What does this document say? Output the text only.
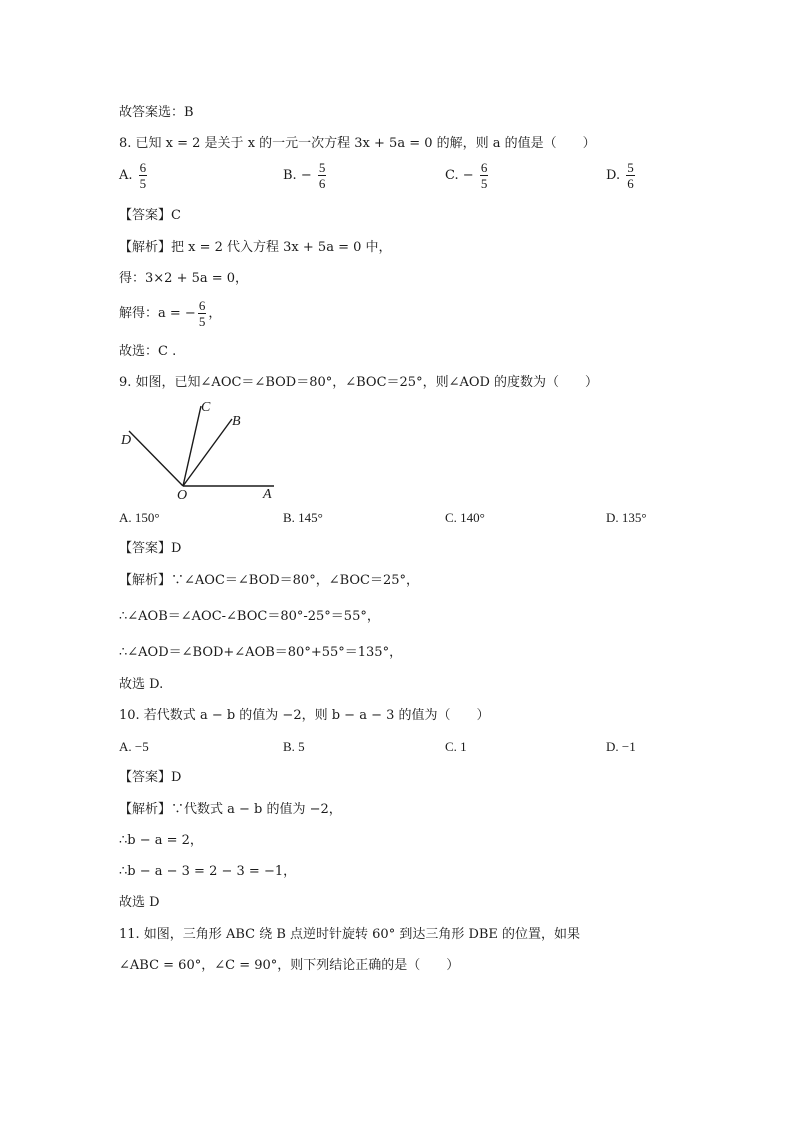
故答案选：B
8. 已知 x = 2 是关于 x 的一元一次方程 3x + 5a = 0 的解，则 a 的值是（　　）
A. $\frac{6}{5}$	B. − $\frac{5}{6}$	C. − $\frac{6}{5}$	D. $\frac{5}{6}$
【答案】C
【解析】把 x = 2 代入方程 3x + 5a = 0 中，
得：3×2 + 5a = 0，
解得：a = − $\frac{6}{5}$ ，
故选：C .
9. 如图，已知∠AOC＝∠BOD＝80°，∠BOC＝25°，则∠AOD 的度数为（　　）
A
B
C
D
O
A. 150°	B. 145°	C. 140°	D. 135°
【答案】D
【解析】∵∠AOC＝∠BOD＝80°，∠BOC＝25°，
∴∠AOB＝∠AOC-∠BOC＝80°-25°＝55°，
∴∠AOD＝∠BOD+∠AOB＝80°+55°＝135°，
故选 D.
10. 若代数式 a − b 的值为 −2，则 b − a − 3 的值为（　　）
A. −5	B. 5	C. 1	D. −1
【答案】D
【解析】∵代数式 a − b 的值为 −2，
∴b − a = 2，
∴b − a − 3 = 2 − 3 = −1，
故选 D
11. 如图，三角形 ABC 绕 B 点逆时针旋转 60° 到达三角形 DBE 的位置，如果
∠ABC = 60°，∠C = 90°，则下列结论正确的是（　　）
